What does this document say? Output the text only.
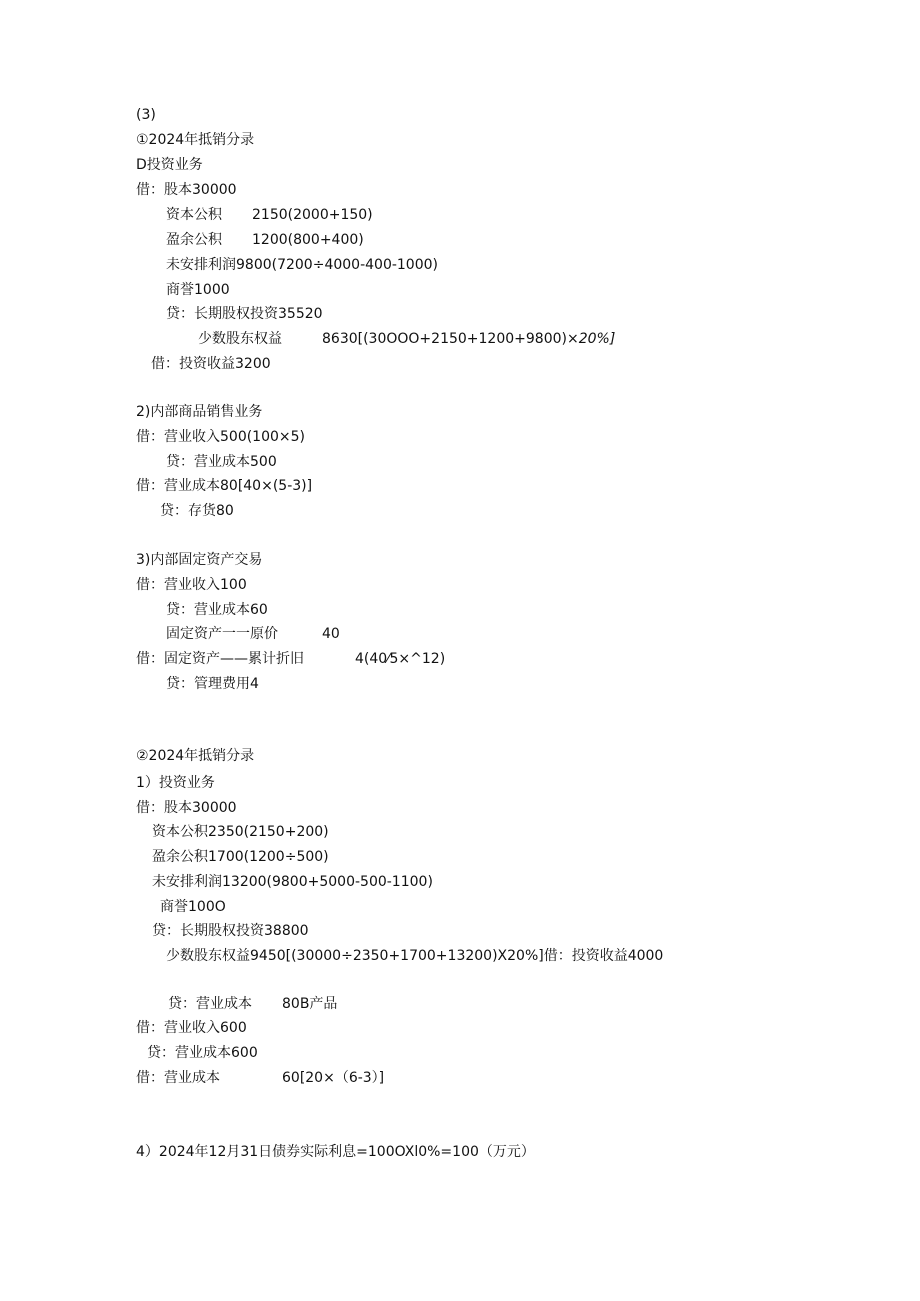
(3)
①2024年抵销分录
D投资业务
借：股本30000
资本公积 2150(2000+150)
盈余公积 1200(800+400)
未安排利润9800(7200÷4000-400-1000)
商誉1000
贷：长期股权投资35520
少数股东权益	8630[(30OOO+2150+1200+9800)×20%]
借：投资收益3200
2)内部商品销售业务
借：营业收入500(100×5)
贷：营业成本500
借：营业成本80[40×(5-3)]
贷：存货80
3)内部固定资产交易
借：营业收入100
贷：营业成本60
固定资产一一原价	40
借：固定资产——累计折旧	4(40⁄5×^12)
贷：管理费用4
②2024年抵销分录
1）投资业务
借：股本30000
资本公积2350(2150+200)
盈余公积1700(1200÷500)
未安排利润13200(9800+5000-500-1100)
商誉100O
贷：长期股权投资38800
少数股东权益9450[(30000÷2350+1700+13200)X20%]借：投资收益4000
贷：营业成本 80B产品
借：营业收入600
贷：营业成本600
借：营业成本	60[20×（6-3）]
4）2024年12月31日债券实际利息=100OXl0%=100（万元）
